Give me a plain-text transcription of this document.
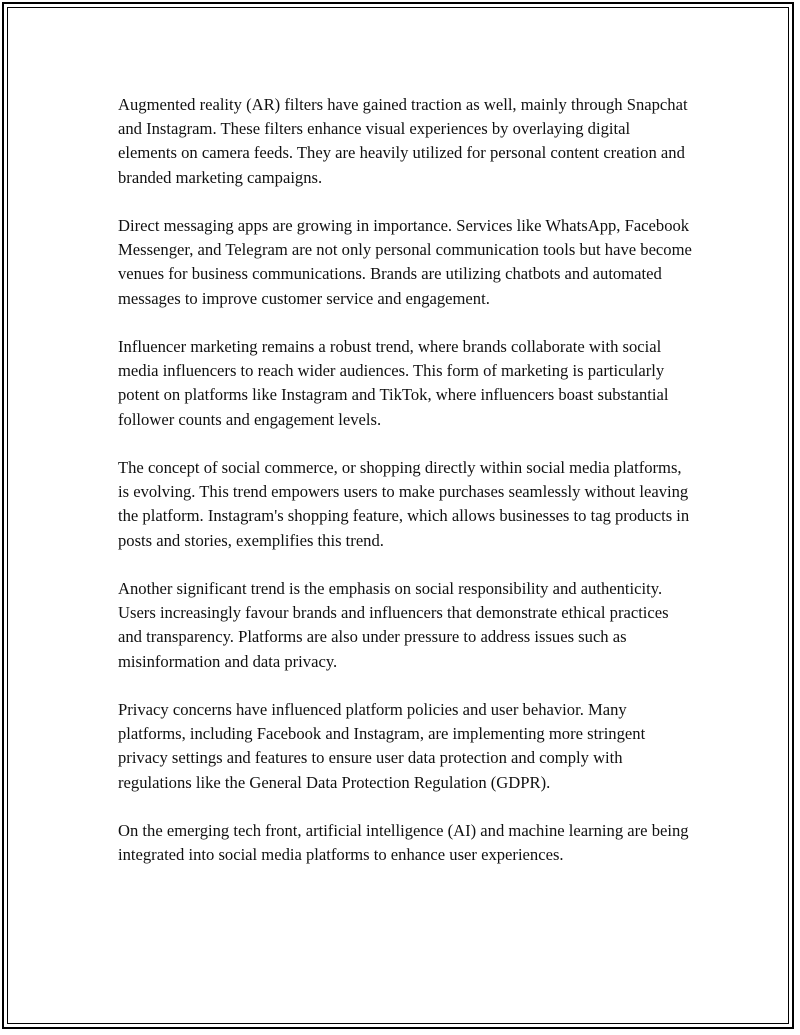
Augmented reality (AR) filters have gained traction as well, mainly through Snapchat and Instagram. These filters enhance visual experiences by overlaying digital elements on camera feeds. They are heavily utilized for personal content creation and branded marketing campaigns.

Direct messaging apps are growing in importance. Services like WhatsApp, Facebook Messenger, and Telegram are not only personal communication tools but have become venues for business communications. Brands are utilizing chatbots and automated messages to improve customer service and engagement.

Influencer marketing remains a robust trend, where brands collaborate with social media influencers to reach wider audiences. This form of marketing is particularly potent on platforms like Instagram and TikTok, where influencers boast substantial follower counts and engagement levels.

The concept of social commerce, or shopping directly within social media platforms, is evolving. This trend empowers users to make purchases seamlessly without leaving the platform. Instagram's shopping feature, which allows businesses to tag products in posts and stories, exemplifies this trend.

Another significant trend is the emphasis on social responsibility and authenticity. Users increasingly favour brands and influencers that demonstrate ethical practices and transparency. Platforms are also under pressure to address issues such as misinformation and data privacy.

Privacy concerns have influenced platform policies and user behavior. Many platforms, including Facebook and Instagram, are implementing more stringent privacy settings and features to ensure user data protection and comply with regulations like the General Data Protection Regulation (GDPR).

On the emerging tech front, artificial intelligence (AI) and machine learning are being integrated into social media platforms to enhance user experiences.
